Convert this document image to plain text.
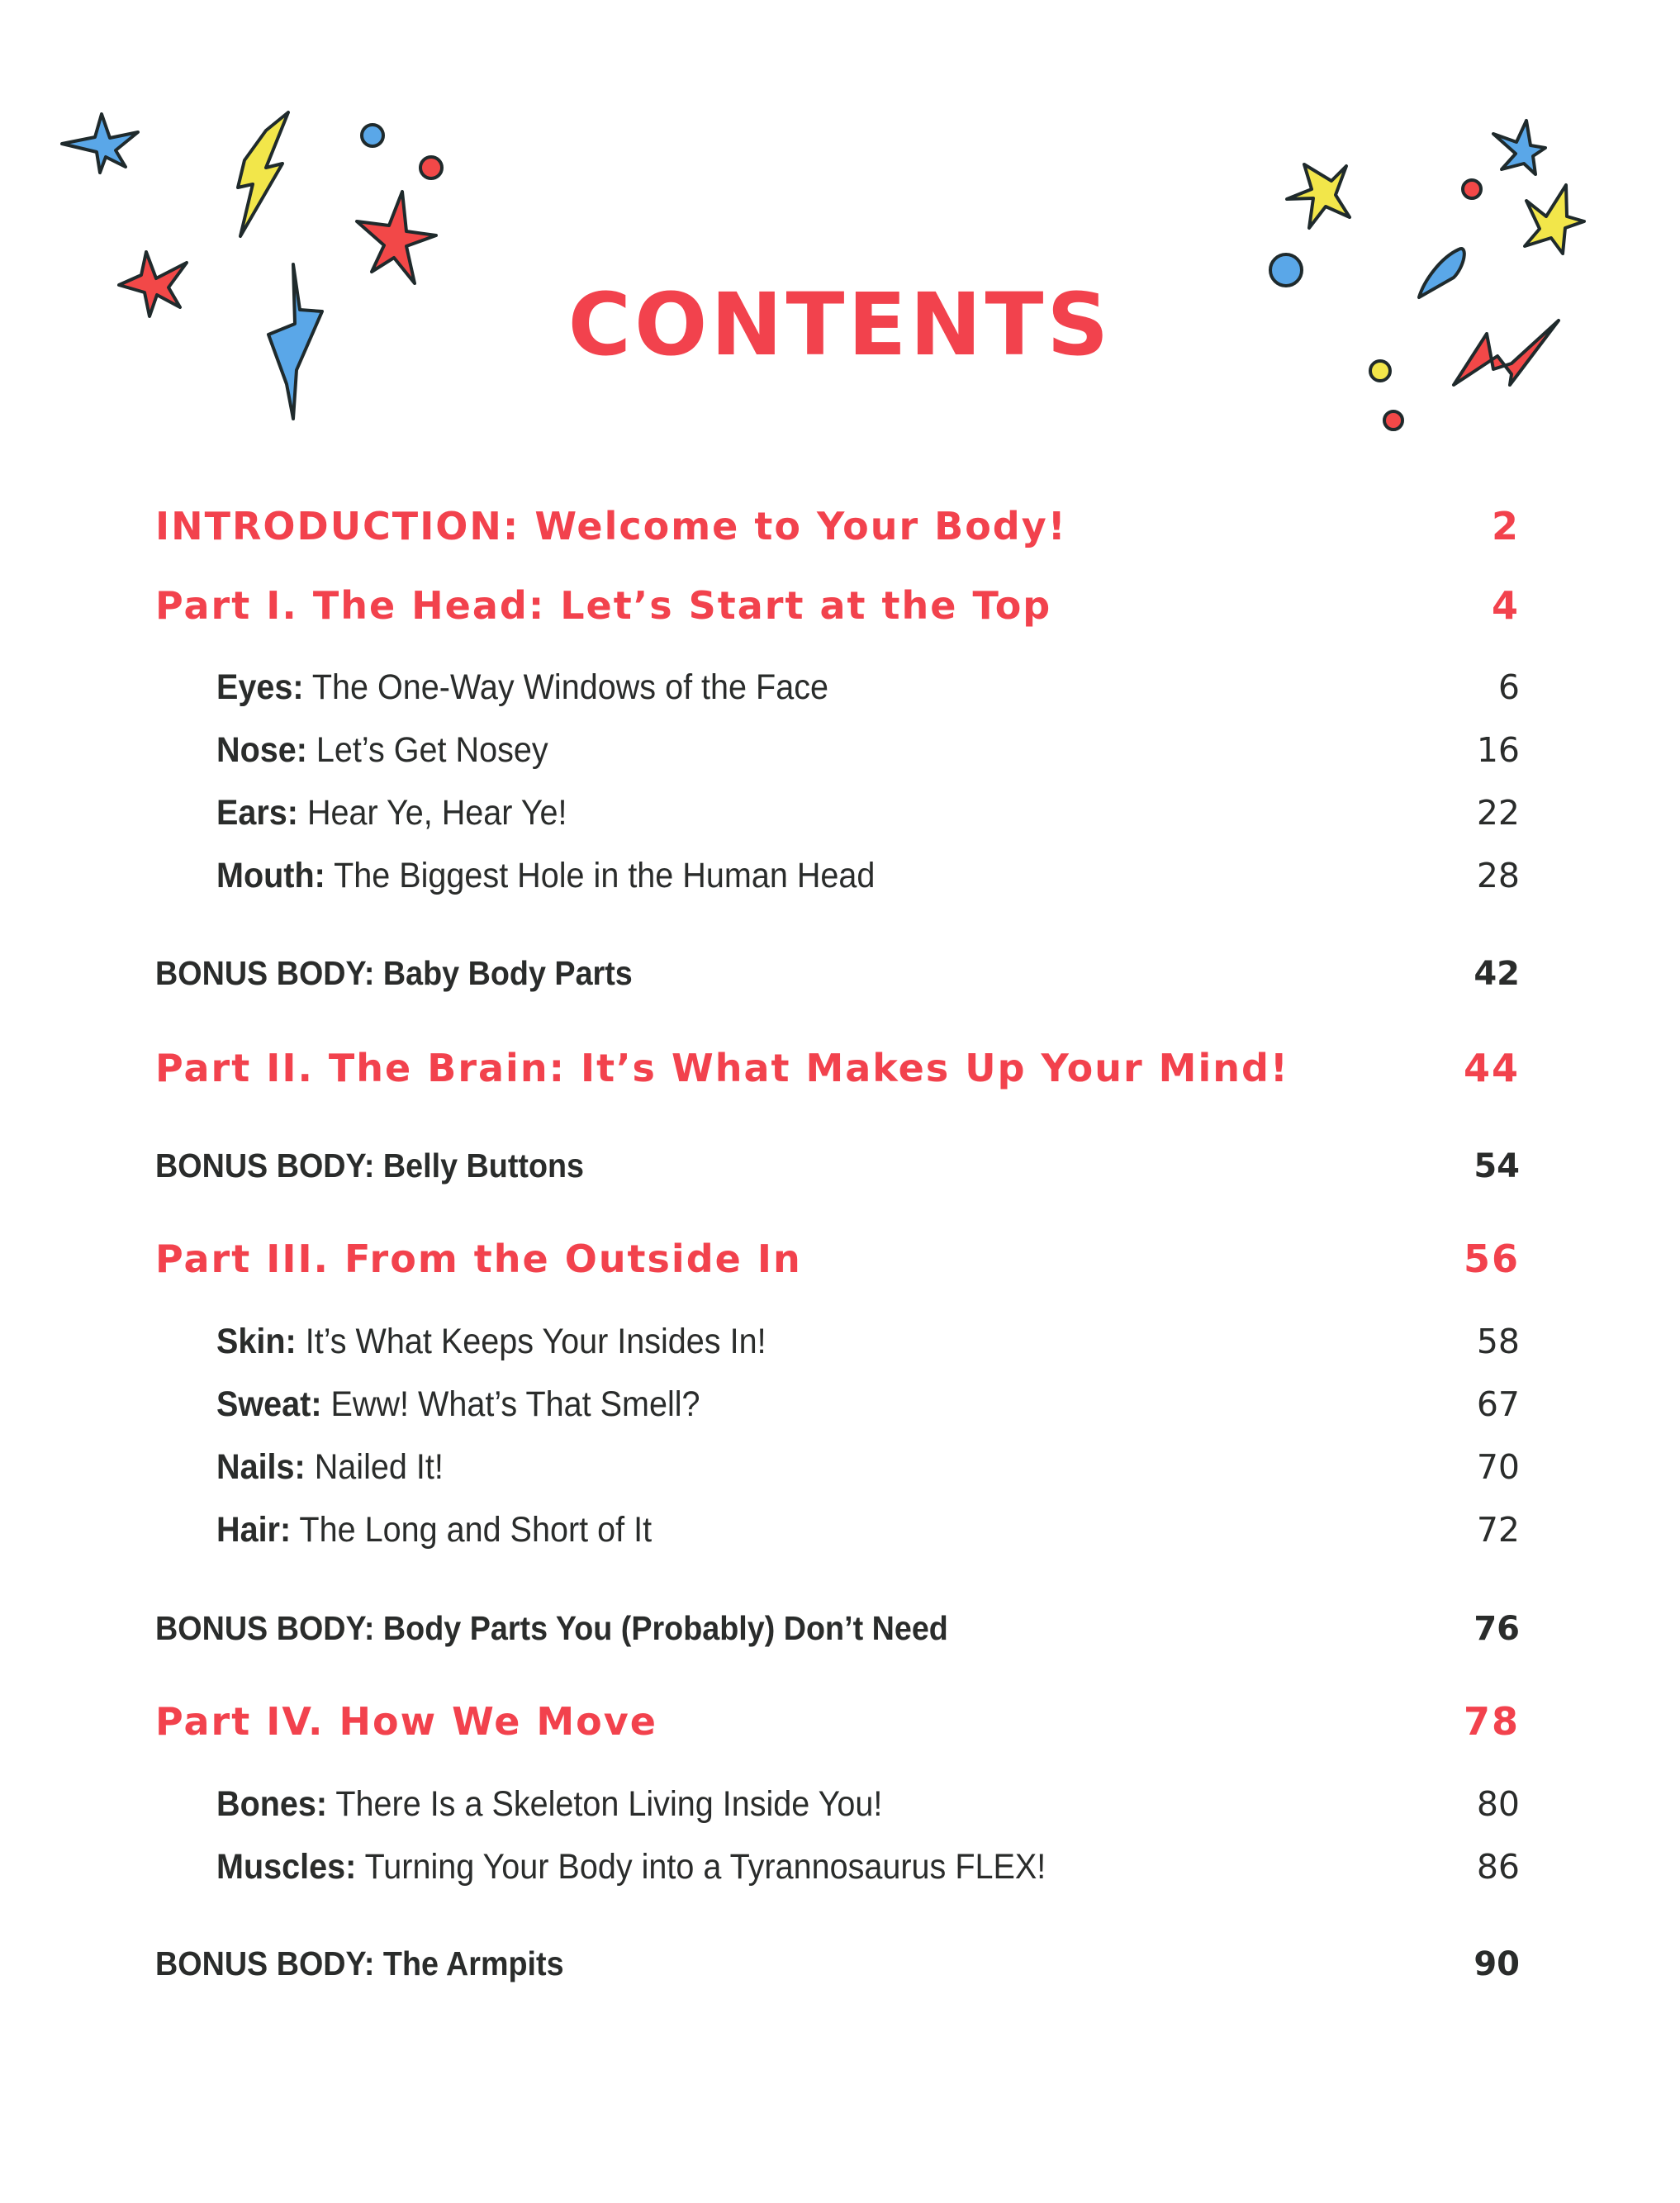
CONTENTS
INTRODUCTION: Welcome to Your Body!	2
Part I. The Head: Let’s Start at the Top	4
Eyes: The One-Way Windows of the Face	6
Nose: Let’s Get Nosey	16
Ears: Hear Ye, Hear Ye!	22
Mouth: The Biggest Hole in the Human Head	28
BONUS BODY: Baby Body Parts	42
Part II. The Brain: It’s What Makes Up Your Mind!	44
BONUS BODY: Belly Buttons	54
Part III. From the Outside In	56
Skin: It’s What Keeps Your Insides In!	58
Sweat: Eww! What’s That Smell?	67
Nails: Nailed It!	70
Hair: The Long and Short of It	72
BONUS BODY: Body Parts You (Probably) Don’t Need	76
Part IV. How We Move	78
Bones: There Is a Skeleton Living Inside You!	80
Muscles: Turning Your Body into a Tyrannosaurus FLEX!	86
BONUS BODY: The Armpits	90
